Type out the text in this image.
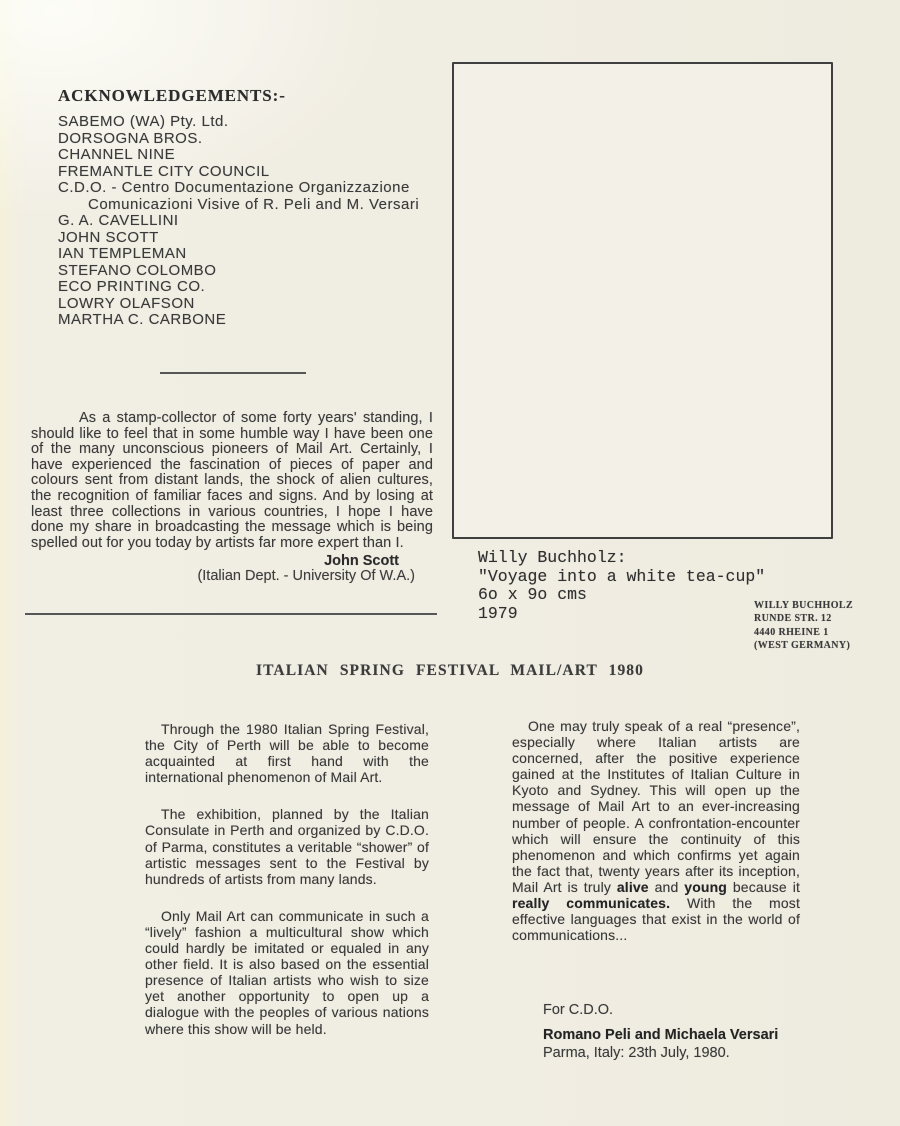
ACKNOWLEDGEMENTS:-
SABEMO (WA) Pty. Ltd.
DORSOGNA BROS.
CHANNEL NINE
FREMANTLE CITY COUNCIL
C.D.O. - Centro Documentazione Organizzazione
Comunicazioni Visive of R. Peli and M. Versari
G. A. CAVELLINI
JOHN SCOTT
IAN TEMPLEMAN
STEFANO COLOMBO
ECO PRINTING CO.
LOWRY OLAFSON
MARTHA C. CARBONE
Willy Buchholz:
"Voyage into a white tea-cup"
6o x 9o cms
1979	WILLY BUCHHOLZ
RUNDE STR. 12
4440 RHEINE 1
(WEST GERMANY)

As a stamp-collector of some forty years' standing, I should like to feel that in some humble way I have been one of the many unconscious pioneers of Mail Art. Certainly, I have experienced the fascination of pieces of paper and colours sent from distant lands, the shock of alien cultures, the recognition of familiar faces and signs. And by losing at least three collections in various countries, I hope I have done my share in broadcasting the message which is being spelled out for you today by artists far more expert than I.

John Scott
(Italian Dept. - University Of W.A.)
ITALIAN SPRING FESTIVAL MAIL/ART 1980

Through the 1980 Italian Spring Festival, the City of Perth will be able to become acquainted at first hand with the international phenomenon of Mail Art.

The exhibition, planned by the Italian Consulate in Perth and organized by C.D.O. of Parma, constitutes a veritable “shower” of artistic messages sent to the Festival by hundreds of artists from many lands.

Only Mail Art can communicate in such a “lively” fashion a multicultural show which could hardly be imitated or equaled in any other field. It is also based on the essential presence of Italian artists who wish to size yet another opportunity to open up a dialogue with the peoples of various nations where this show will be held.

One may truly speak of a real “presence”, especially where Italian artists are concerned, after the positive experience gained at the Institutes of Italian Culture in Kyoto and Sydney. This will open up the message of Mail Art to an ever-increasing number of people. A confrontation-encounter which will ensure the continuity of this phenomenon and which confirms yet again the fact that, twenty years after its inception, Mail Art is truly alive and young because it really communicates. With the most effective languages that exist in the world of communications...

For C.D.O.
Romano Peli and Michaela Versari
Parma, Italy: 23th July, 1980.
